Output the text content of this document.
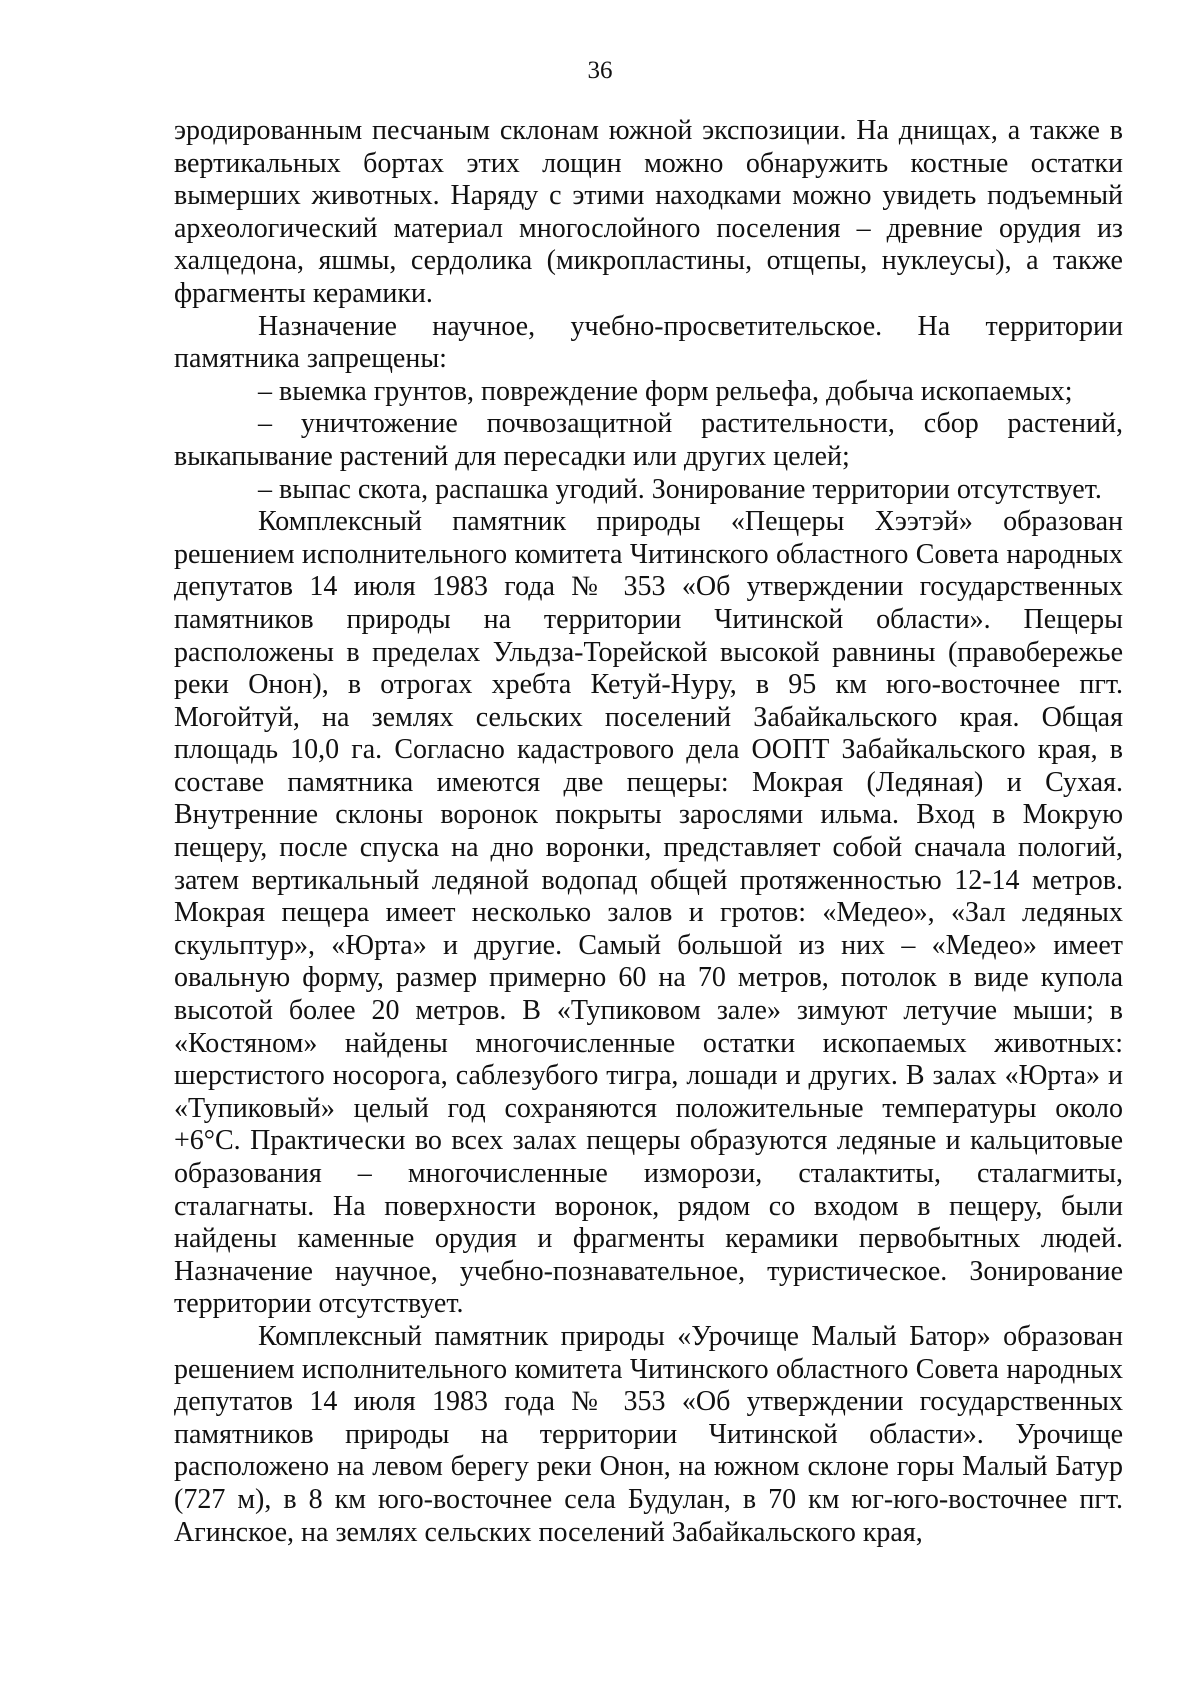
36

эродированным песчаным склонам южной экспозиции. На днищах, а также в вертикальных бортах этих лощин можно обнаружить костные остатки вымерших животных. Наряду с этими находками можно увидеть подъемный археологический материал многослойного поселения – древние орудия из халцедона, яшмы, сердолика (микропластины, отщепы, нуклеусы), а также фрагменты керамики.

Назначение научное, учебно-просветительское. На территории памятника запрещены:

– выемка грунтов, повреждение форм рельефа, добыча ископаемых;

– уничтожение почвозащитной растительности, сбор растений, выкапывание растений для пересадки или других целей;

– выпас скота, распашка угодий. Зонирование территории отсутствует.

Комплексный памятник природы «Пещеры Хээтэй» образован решением исполнительного комитета Читинского областного Совета народных депутатов 14 июля 1983 года № 353 «Об утверждении государственных памятников природы на территории Читинской области». Пещеры расположены в пределах Ульдза-Торейской высокой равнины (правобережье реки Онон), в отрогах хребта Кетуй-Нуру, в 95 км юго-восточнее пгт. Могойтуй, на землях сельских поселений Забайкальского края. Общая площадь 10,0 га. Согласно кадастрового дела ООПТ Забайкальского края, в составе памятника имеются две пещеры: Мокрая (Ледяная) и Сухая. Внутренние склоны воронок покрыты зарослями ильма. Вход в Мокрую пещеру, после спуска на дно воронки, представляет собой сначала пологий, затем вертикальный ледяной водопад общей протяженностью 12-14 метров. Мокрая пещера имеет несколько залов и гротов: «Медео», «Зал ледяных скульптур», «Юрта» и другие. Самый большой из них – «Медео» имеет овальную форму, размер примерно 60 на 70 метров, потолок в виде купола высотой более 20 метров. В «Тупиковом зале» зимуют летучие мыши; в «Костяном» найдены многочисленные остатки ископаемых животных: шерстистого носорога, саблезубого тигра, лошади и других. В залах «Юрта» и «Тупиковый» целый год сохраняются положительные температуры около +6°С. Практически во всех залах пещеры образуются ледяные и кальцитовые образования – многочисленные изморози, сталактиты, сталагмиты, сталагнаты. На поверхности воронок, рядом со входом в пещеру, были найдены каменные орудия и фрагменты керамики первобытных людей. Назначение научное, учебно-познавательное, туристическое. Зонирование территории отсутствует.

Комплексный памятник природы «Урочище Малый Батор» образован решением исполнительного комитета Читинского областного Совета народных депутатов 14 июля 1983 года № 353 «Об утверждении государственных памятников природы на территории Читинской области». Урочище расположено на левом берегу реки Онон, на южном склоне горы Малый Батур (727 м), в 8 км юго-восточнее села Будулан, в 70 км юг-юго-восточнее пгт. Агинское, на землях сельских поселений Забайкальского края,
